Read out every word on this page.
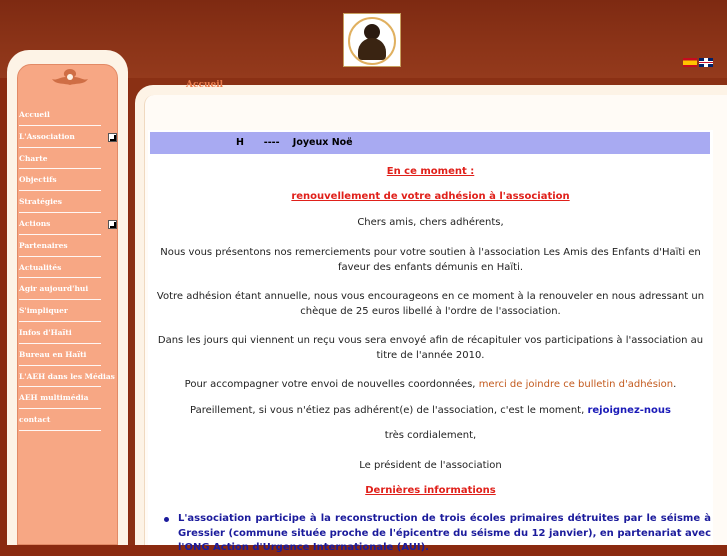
Accueil
L'Association
Charte
Objectifs
Stratégies
Actions
Partenaires
Actualités
Agir aujourd'hui
S'impliquer
Infos d'Haïti
Bureau en Haïti
L'AEH dans les Médias
AEH multimédia
contact
Accueil
H      ----    Joyeux Noë
En ce moment :
renouvellement de votre adhésion à l'association
Chers amis, chers adhérents,
Nous vous présentons nos remerciements pour votre soutien à l'association Les Amis des Enfants d'Haïti en faveur des enfants démunis en Haïti.
Votre adhésion étant annuelle, nous vous encourageons en ce moment à la renouveler en nous adressant un chèque de 25 euros libellé à l'ordre de l'association.
Dans les jours qui viennent un reçu vous sera envoyé afin de récapituler vos participations à l'association au titre de l'année 2010.
Pour accompagner votre envoi de nouvelles coordonnées, merci de joindre ce bulletin d'adhésion.
Pareillement, si vous n'étiez pas adhérent(e) de l'association, c'est le moment, rejoignez-nous
très cordialement,
Le président de l'association
Dernières informations
L'association participe à la reconstruction de trois écoles primaires détruites par le séisme à Gressier (commune située proche de l'épicentre du séisme du 12 janvier), en partenariat avec l'ONG Action d'Urgence Internationale (AUI).
